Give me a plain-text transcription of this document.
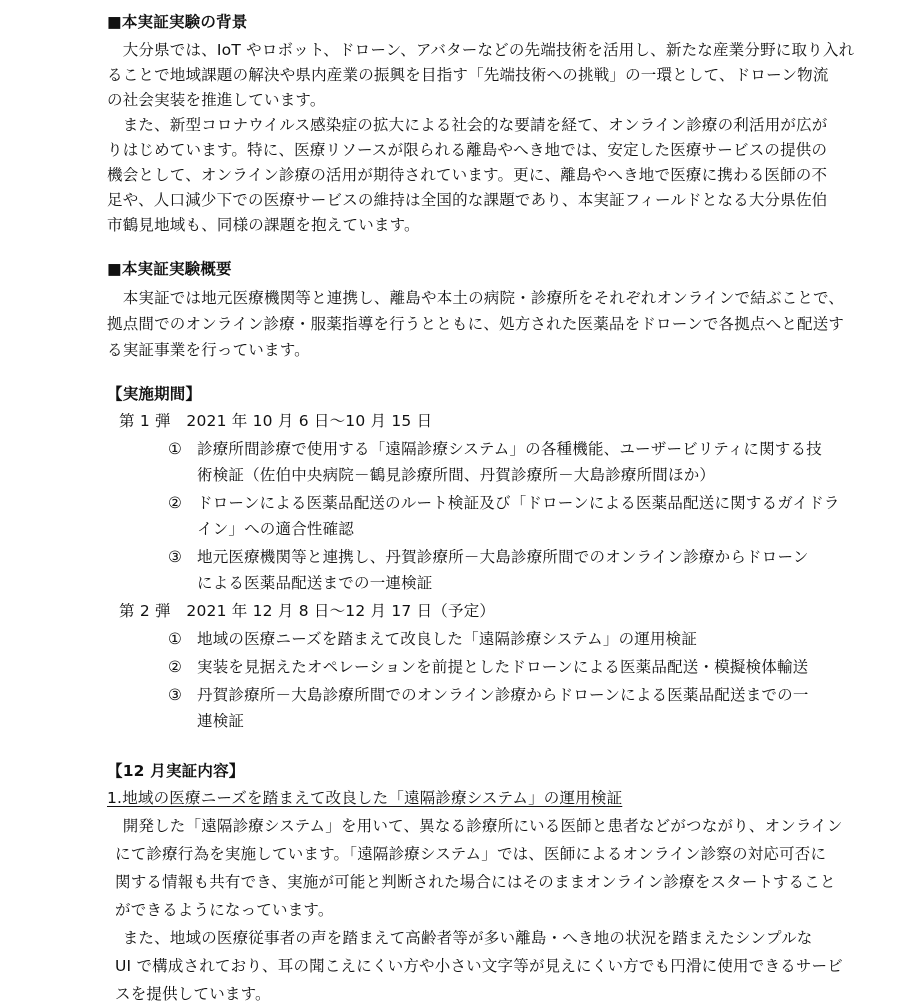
■本実証実験の背景
　大分県では、IoT やロボット、ドローン、アバターなどの先端技術を活用し、新たな産業分野に取り入れ
ることで地域課題の解決や県内産業の振興を目指す「先端技術への挑戦」の一環として、ドローン物流
の社会実装を推進しています。
　また、新型コロナウイルス感染症の拡大による社会的な要請を経て、オンライン診療の利活用が広が
りはじめています。特に、医療リソースが限られる離島やへき地では、安定した医療サービスの提供の
機会として、オンライン診療の活用が期待されています。更に、離島やへき地で医療に携わる医師の不
足や、人口減少下での医療サービスの維持は全国的な課題であり、本実証フィールドとなる大分県佐伯
市鶴見地域も、同様の課題を抱えています。
■本実証実験概要
　本実証では地元医療機関等と連携し、離島や本土の病院・診療所をそれぞれオンラインで結ぶことで、
拠点間でのオンライン診療・服薬指導を行うとともに、処方された医薬品をドローンで各拠点へと配送す
る実証事業を行っています。
【実施期間】
第 1 弾　2021 年 10 月 6 日～10 月 15 日
① 診療所間診療で使用する「遠隔診療システム」の各種機能、ユーザービリティに関する技
術検証（佐伯中央病院－鶴見診療所間、丹賀診療所－大島診療所間ほか）
② ドローンによる医薬品配送のルート検証及び「ドローンによる医薬品配送に関するガイドラ
イン」への適合性確認
③ 地元医療機関等と連携し、丹賀診療所－大島診療所間でのオンライン診療からドローン
による医薬品配送までの一連検証
第 2 弾　2021 年 12 月 8 日～12 月 17 日（予定）
① 地域の医療ニーズを踏まえて改良した「遠隔診療システム」の運用検証
② 実装を見据えたオペレーションを前提としたドローンによる医薬品配送・模擬検体輸送
③ 丹賀診療所－大島診療所間でのオンライン診療からドローンによる医薬品配送までの一
連検証
【12 月実証内容】
1.地域の医療ニーズを踏まえて改良した「遠隔診療システム」の運用検証
　開発した「遠隔診療システム」を用いて、異なる診療所にいる医師と患者などがつながり、オンライン
にて診療行為を実施しています。「遠隔診療システム」では、医師によるオンライン診察の対応可否に
関する情報も共有でき、実施が可能と判断された場合にはそのままオンライン診療をスタートすること
ができるようになっています。
　また、地域の医療従事者の声を踏まえて高齢者等が多い離島・へき地の状況を踏まえたシンプルな
UI で構成されており、耳の聞こえにくい方や小さい文字等が見えにくい方でも円滑に使用できるサービ
スを提供しています。
